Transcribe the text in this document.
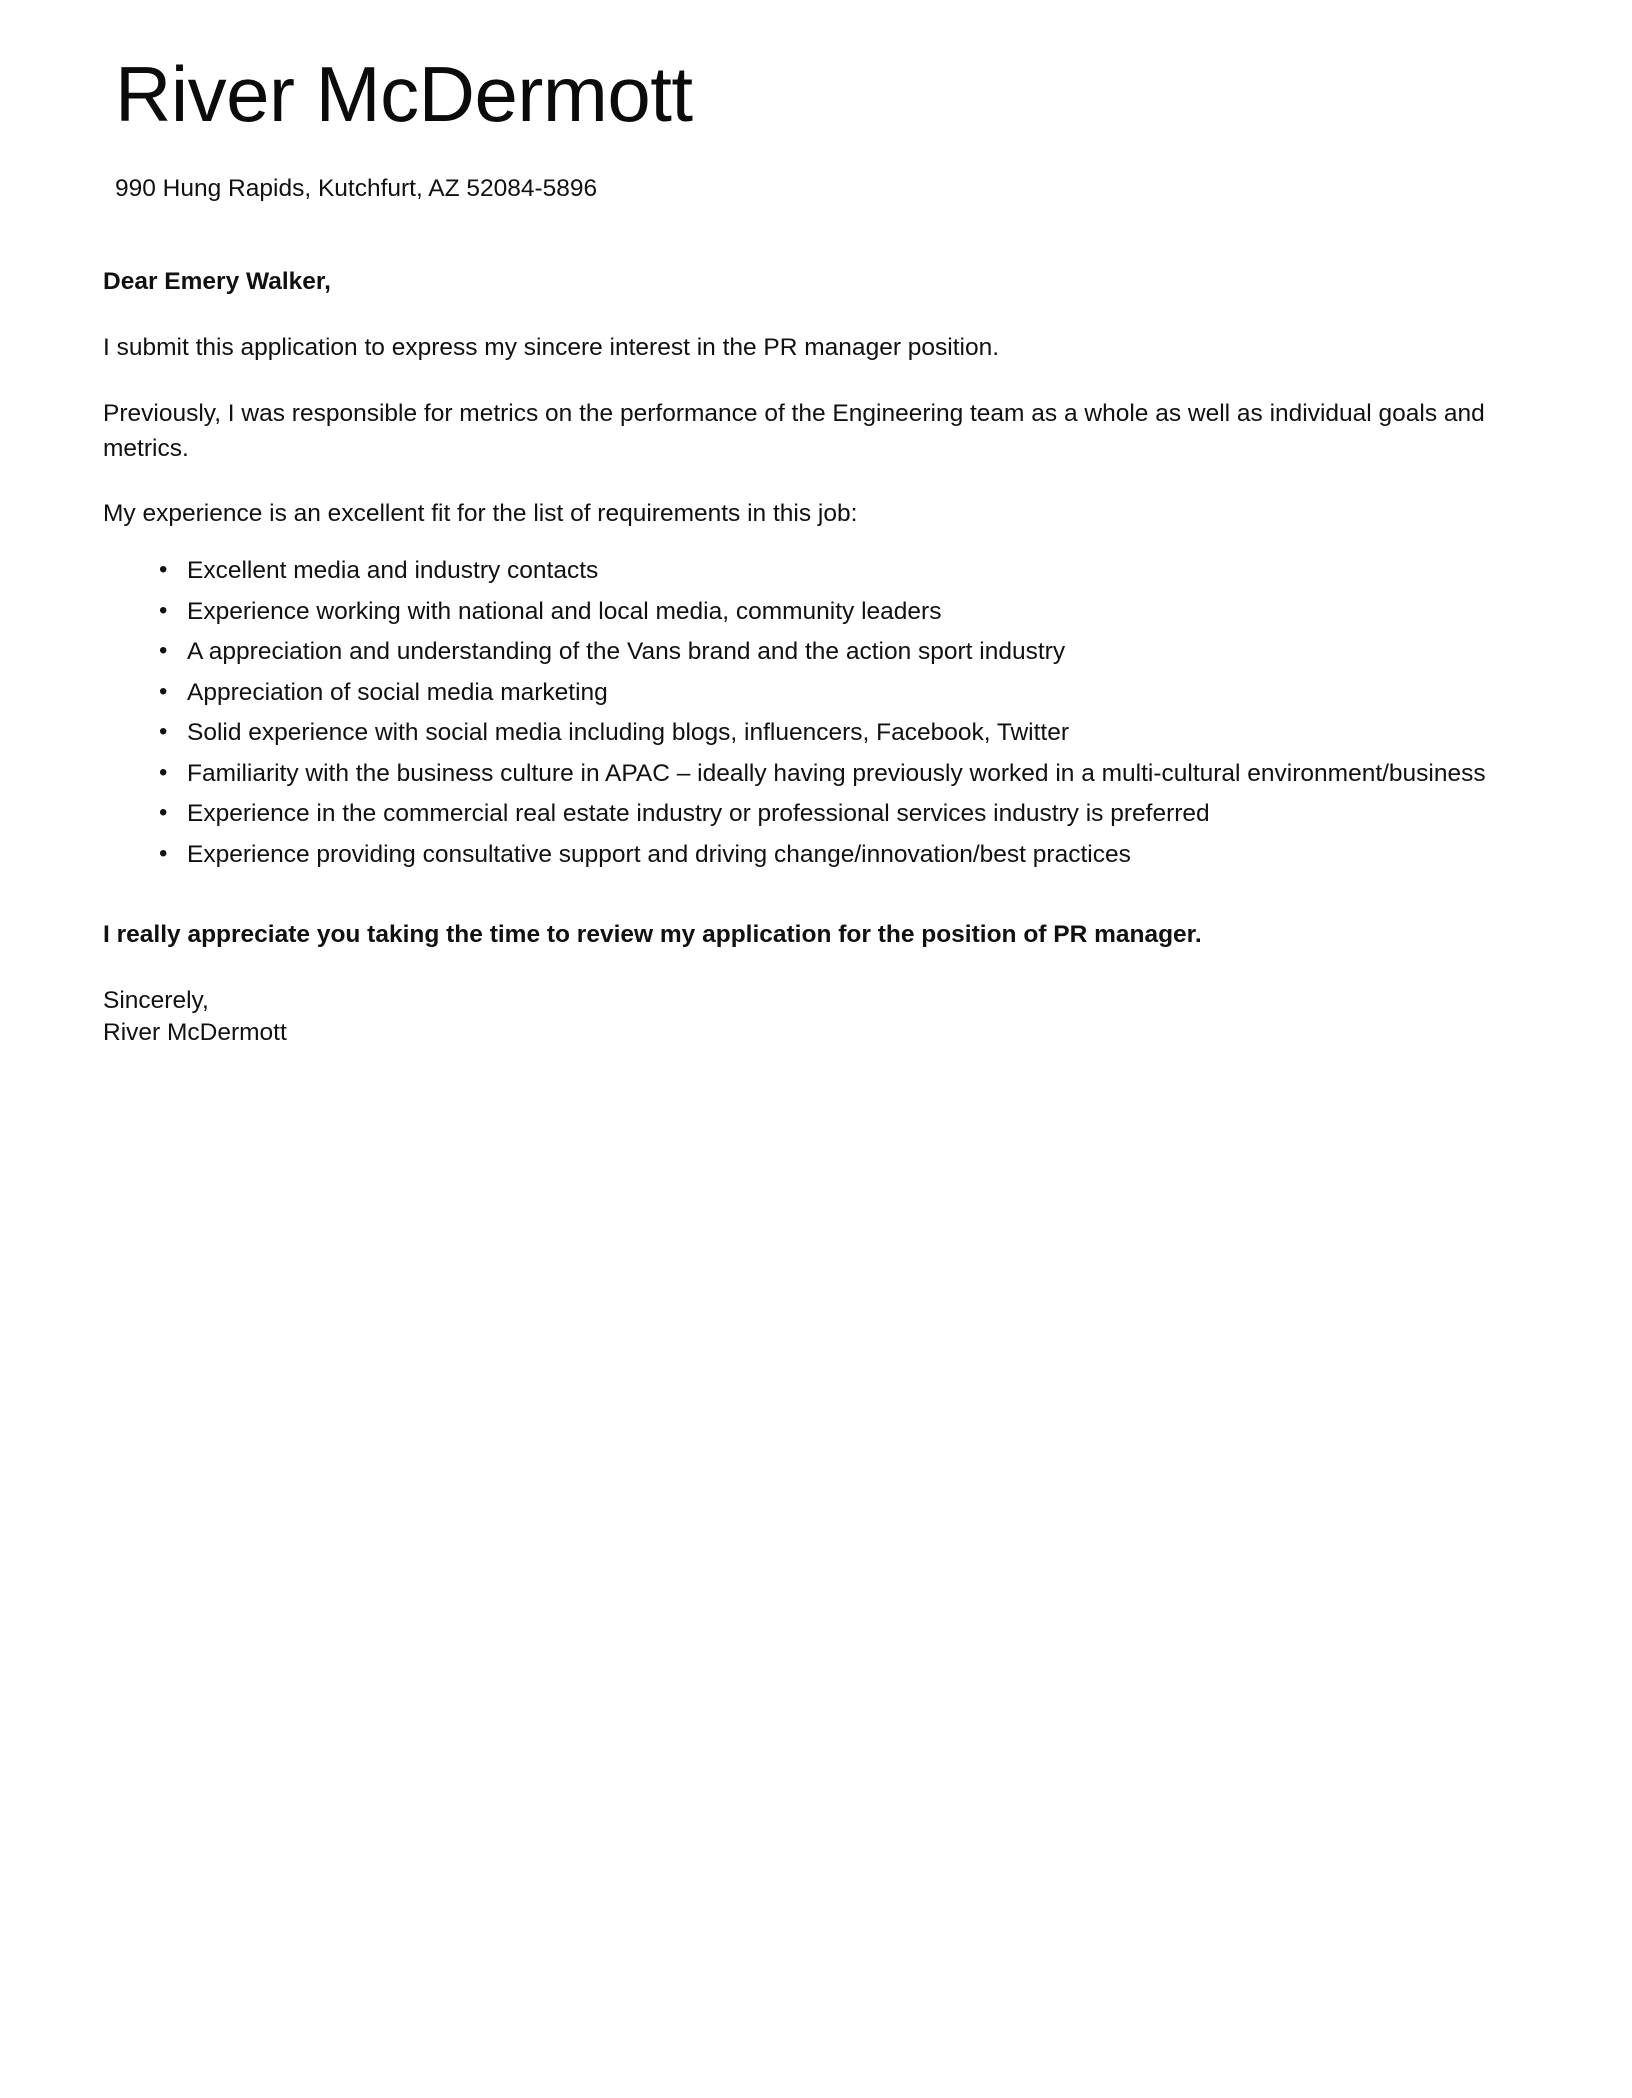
River McDermott
990 Hung Rapids, Kutchfurt, AZ 52084-5896

Dear Emery Walker,

I submit this application to express my sincere interest in the PR manager position.

Previously, I was responsible for metrics on the performance of the Engineering team as a whole as well as individual goals and metrics.

My experience is an excellent fit for the list of requirements in this job:

• Excellent media and industry contacts
• Experience working with national and local media, community leaders
• A appreciation and understanding of the Vans brand and the action sport industry
• Appreciation of social media marketing
• Solid experience with social media including blogs, influencers, Facebook, Twitter
• Familiarity with the business culture in APAC – ideally having previously worked in a multi-cultural environment/business
• Experience in the commercial real estate industry or professional services industry is preferred
• Experience providing consultative support and driving change/innovation/best practices

I really appreciate you taking the time to review my application for the position of PR manager.

Sincerely,
River McDermott
